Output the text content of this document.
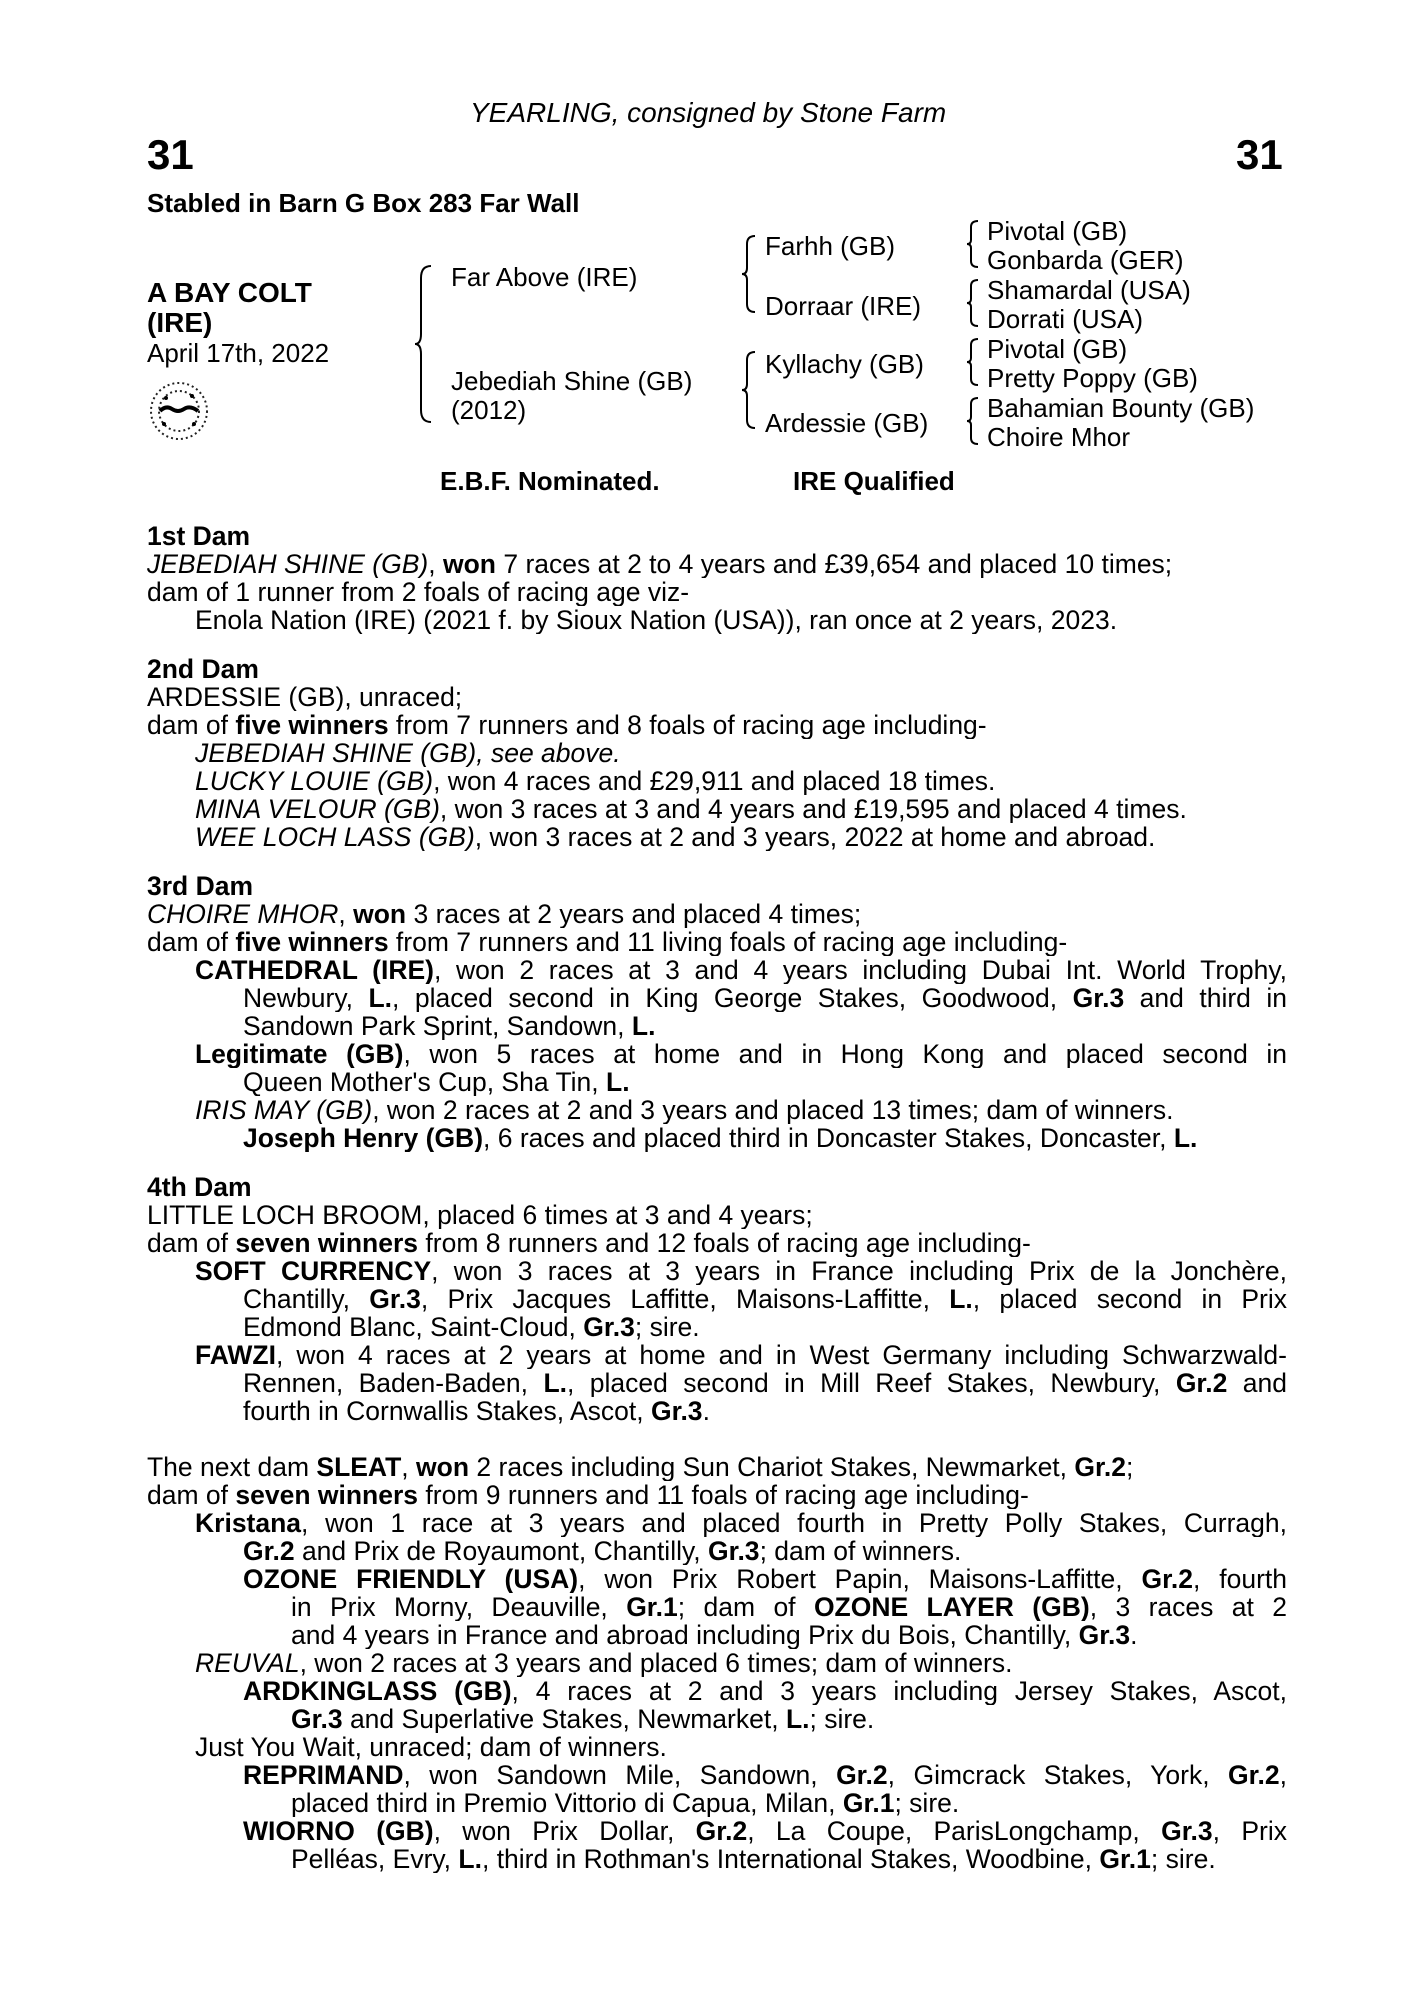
YEARLING, consigned by Stone Farm
31	31
Stabled in Barn G Box 283 Far Wall
A BAY COLT
(IRE)
April 17th, 2022
Far Above (IRE)
Jebediah Shine (GB)
(2012)
Farhh (GB)
Dorraar (IRE)
Kyllachy (GB)
Ardessie (GB)
Pivotal (GB)
Gonbarda (GER)
Shamardal (USA)
Dorrati (USA)
Pivotal (GB)
Pretty Poppy (GB)
Bahamian Bounty (GB)
Choire Mhor
E.B.F. Nominated.	IRE Qualified
1st Dam
JEBEDIAH SHINE (GB), won 7 races at 2 to 4 years and £39,654 and placed 10 times;
dam of 1 runner from 2 foals of racing age viz-
Enola Nation (IRE) (2021 f. by Sioux Nation (USA)), ran once at 2 years, 2023.
2nd Dam
ARDESSIE (GB), unraced;
dam of five winners from 7 runners and 8 foals of racing age including-
JEBEDIAH SHINE (GB), see above.
LUCKY LOUIE (GB), won 4 races and £29,911 and placed 18 times.
MINA VELOUR (GB), won 3 races at 3 and 4 years and £19,595 and placed 4 times.
WEE LOCH LASS (GB), won 3 races at 2 and 3 years, 2022 at home and abroad.
3rd Dam
CHOIRE MHOR, won 3 races at 2 years and placed 4 times;
dam of five winners from 7 runners and 11 living foals of racing age including-
CATHEDRAL (IRE), won 2 races at 3 and 4 years including Dubai Int. World Trophy,
Newbury, L., placed second in King George Stakes, Goodwood, Gr.3 and third in
Sandown Park Sprint, Sandown, L.
Legitimate (GB), won 5 races at home and in Hong Kong and placed second in
Queen Mother's Cup, Sha Tin, L.
IRIS MAY (GB), won 2 races at 2 and 3 years and placed 13 times; dam of winners.
Joseph Henry (GB), 6 races and placed third in Doncaster Stakes, Doncaster, L.
4th Dam
LITTLE LOCH BROOM, placed 6 times at 3 and 4 years;
dam of seven winners from 8 runners and 12 foals of racing age including-
SOFT CURRENCY, won 3 races at 3 years in France including Prix de la Jonchère,
Chantilly, Gr.3, Prix Jacques Laffitte, Maisons-Laffitte, L., placed second in Prix
Edmond Blanc, Saint-Cloud, Gr.3; sire.
FAWZI, won 4 races at 2 years at home and in West Germany including Schwarzwald-
Rennen, Baden-Baden, L., placed second in Mill Reef Stakes, Newbury, Gr.2 and
fourth in Cornwallis Stakes, Ascot, Gr.3.
The next dam SLEAT, won 2 races including Sun Chariot Stakes, Newmarket, Gr.2;
dam of seven winners from 9 runners and 11 foals of racing age including-
Kristana, won 1 race at 3 years and placed fourth in Pretty Polly Stakes, Curragh,
Gr.2 and Prix de Royaumont, Chantilly, Gr.3; dam of winners.
OZONE FRIENDLY (USA), won Prix Robert Papin, Maisons-Laffitte, Gr.2, fourth
in Prix Morny, Deauville, Gr.1; dam of OZONE LAYER (GB), 3 races at 2
and 4 years in France and abroad including Prix du Bois, Chantilly, Gr.3.
REUVAL, won 2 races at 3 years and placed 6 times; dam of winners.
ARDKINGLASS (GB), 4 races at 2 and 3 years including Jersey Stakes, Ascot,
Gr.3 and Superlative Stakes, Newmarket, L.; sire.
Just You Wait, unraced; dam of winners.
REPRIMAND, won Sandown Mile, Sandown, Gr.2, Gimcrack Stakes, York, Gr.2,
placed third in Premio Vittorio di Capua, Milan, Gr.1; sire.
WIORNO (GB), won Prix Dollar, Gr.2, La Coupe, ParisLongchamp, Gr.3, Prix
Pelléas, Evry, L., third in Rothman's International Stakes, Woodbine, Gr.1; sire.
